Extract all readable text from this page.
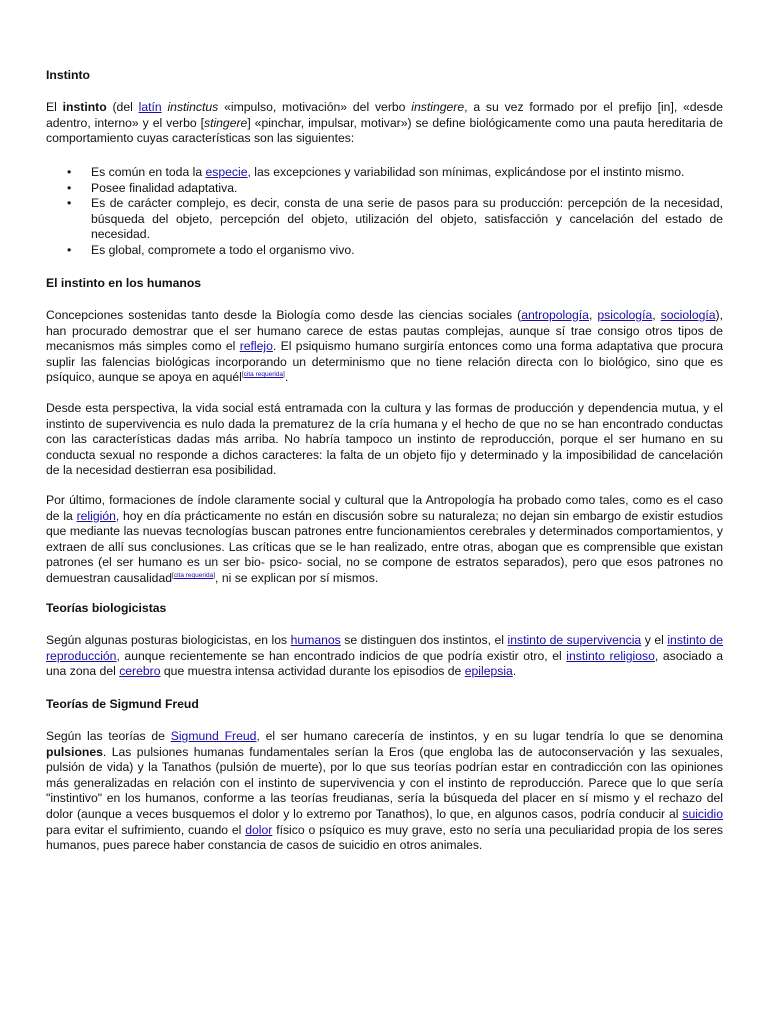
Instinto

El instinto (del latín instinctus «impulso, motivación» del verbo instingere, a su vez formado por el prefijo [in], «desde adentro, interno» y el verbo [stingere] «pinchar, impulsar, motivar») se define biológicamente como una pauta hereditaria de comportamiento cuyas características son las siguientes:

• Es común en toda la especie, las excepciones y variabilidad son mínimas, explicándose por el instinto mismo.
• Posee finalidad adaptativa.
• Es de carácter complejo, es decir, consta de una serie de pasos para su producción: percepción de la necesidad, búsqueda del objeto, percepción del objeto, utilización del objeto, satisfacción y cancelación del estado de necesidad.
• Es global, compromete a todo el organismo vivo.
El instinto en los humanos

Concepciones sostenidas tanto desde la Biología como desde las ciencias sociales (antropología, psicología, sociología), han procurado demostrar que el ser humano carece de estas pautas complejas, aunque sí trae consigo otros tipos de mecanismos más simples como el reflejo. El psiquismo humano surgiría entonces como una forma adaptativa que procura suplir las falencias biológicas incorporando un determinismo que no tiene relación directa con lo biológico, sino que es psíquico, aunque se apoya en aquél[cita requerida].

Desde esta perspectiva, la vida social está entramada con la cultura y las formas de producción y dependencia mutua, y el instinto de supervivencia es nulo dada la prematurez de la cría humana y el hecho de que no se han encontrado conductas con las características dadas más arriba. No habría tampoco un instinto de reproducción, porque el ser humano en su conducta sexual no responde a dichos caracteres: la falta de un objeto fijo y determinado y la imposibilidad de cancelación de la necesidad destierran esa posibilidad.

Por último, formaciones de índole claramente social y cultural que la Antropología ha probado como tales, como es el caso de la religión, hoy en día prácticamente no están en discusión sobre su naturaleza; no dejan sin embargo de existir estudios que mediante las nuevas tecnologías buscan patrones entre funcionamientos cerebrales y determinados comportamientos, y extraen de allí sus conclusiones. Las críticas que se le han realizado, entre otras, abogan que es comprensible que existan patrones (el ser humano es un ser bio- psico- social, no se compone de estratos separados), pero que esos patrones no demuestran causalidad[cita requerida], ni se explican por sí mismos.

Teorías biologicistas

Según algunas posturas biologicistas, en los humanos se distinguen dos instintos, el instinto de supervivencia y el instinto de reproducción, aunque recientemente se han encontrado indicios de que podría existir otro, el instinto religioso, asociado a una zona del cerebro que muestra intensa actividad durante los episodios de epilepsia.

Teorías de Sigmund Freud

Según las teorías de Sigmund Freud, el ser humano carecería de instintos, y en su lugar tendría lo que se denomina pulsiones. Las pulsiones humanas fundamentales serían la Eros (que engloba las de autoconservación y las sexuales, pulsión de vida) y la Tanathos (pulsión de muerte), por lo que sus teorías podrían estar en contradicción con las opiniones más generalizadas en relación con el instinto de supervivencia y con el instinto de reproducción. Parece que lo que sería "instintivo" en los humanos, conforme a las teorías freudianas, sería la búsqueda del placer en sí mismo y el rechazo del dolor (aunque a veces busquemos el dolor y lo extremo por Tanathos), lo que, en algunos casos, podría conducir al suicidio para evitar el sufrimiento, cuando el dolor físico o psíquico es muy grave, esto no sería una peculiaridad propia de los seres humanos, pues parece haber constancia de casos de suicidio en otros animales.
